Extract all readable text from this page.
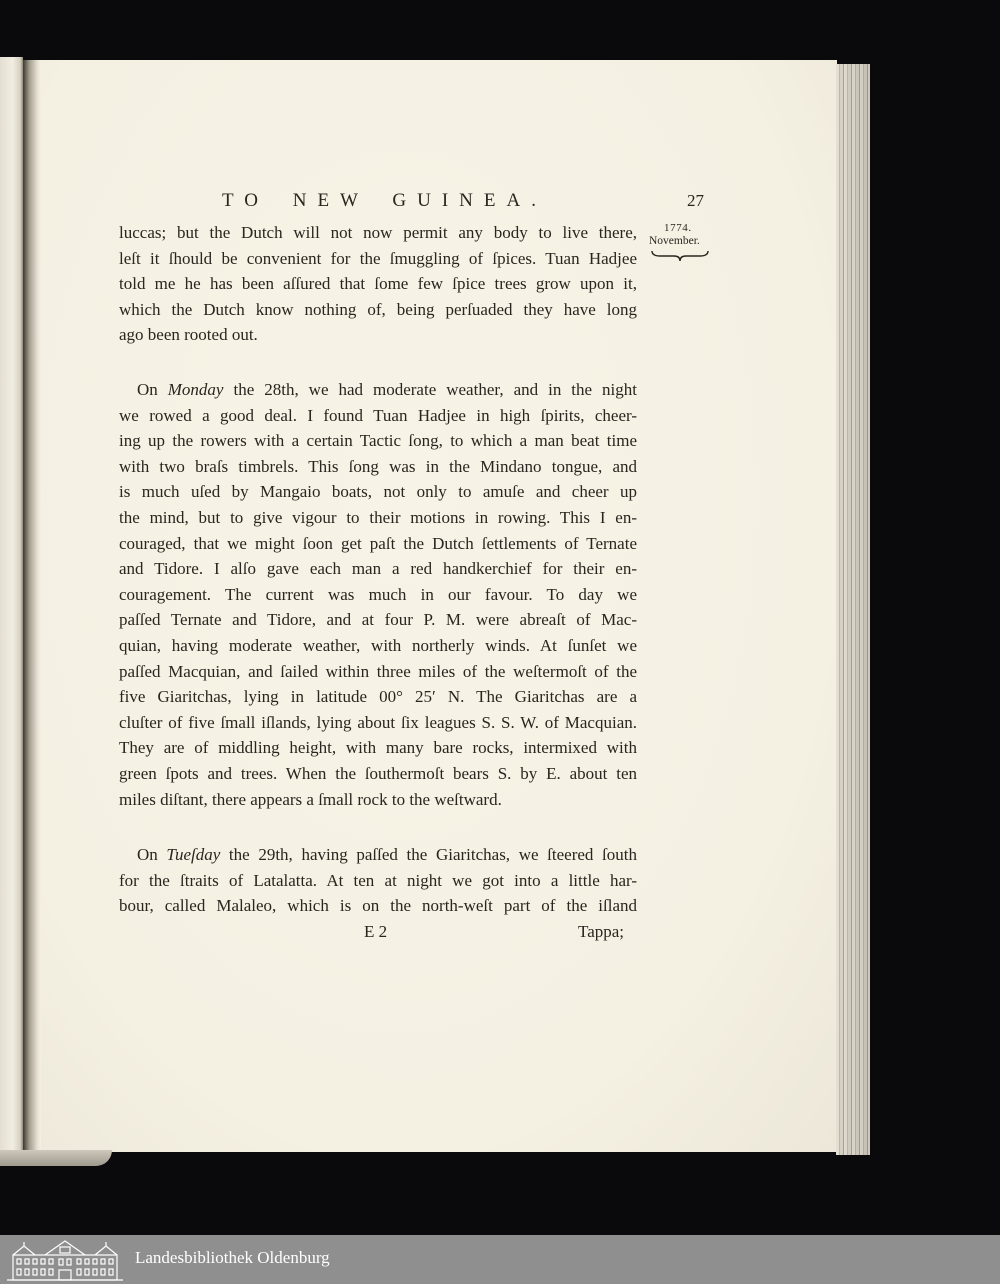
TO NEW GUINEA.	27
1774.
November.
luccas; but the Dutch will not now permit any body to live there,
leſt it ſhould be convenient for the ſmuggling of ſpices. Tuan Hadjee
told me he has been aſſured that ſome few ſpice trees grow upon it,
which the Dutch know nothing of, being perſuaded they have long
ago been rooted out.
On Monday the 28th, we had moderate weather, and in the night
we rowed a good deal. I found Tuan Hadjee in high ſpirits, cheer-
ing up the rowers with a certain Tactic ſong, to which a man beat time
with two braſs timbrels. This ſong was in the Mindano tongue, and
is much uſed by Mangaio boats, not only to amuſe and cheer up
the mind, but to give vigour to their motions in rowing. This I en-
couraged, that we might ſoon get paſt the Dutch ſettlements of Ternate
and Tidore. I alſo gave each man a red handkerchief for their en-
couragement. The current was much in our favour. To day we
paſſed Ternate and Tidore, and at four P. M. were abreaſt of Mac-
quian, having moderate weather, with northerly winds. At ſunſet we
paſſed Macquian, and ſailed within three miles of the weſtermoſt of the
five Giaritchas, lying in latitude 00° 25′ N. The Giaritchas are a
cluſter of five ſmall iſlands, lying about ſix leagues S. S. W. of Macquian.
They are of middling height, with many bare rocks, intermixed with
green ſpots and trees. When the ſouthermoſt bears S. by E. about ten
miles diſtant, there appears a ſmall rock to the weſtward.
On Tueſday the 29th, having paſſed the Giaritchas, we ſteered ſouth
for the ſtraits of Latalatta. At ten at night we got into a little har-
bour, called Malaleo, which is on the north-weſt part of the iſland
E 2	Tappa;
Landesbibliothek Oldenburg
